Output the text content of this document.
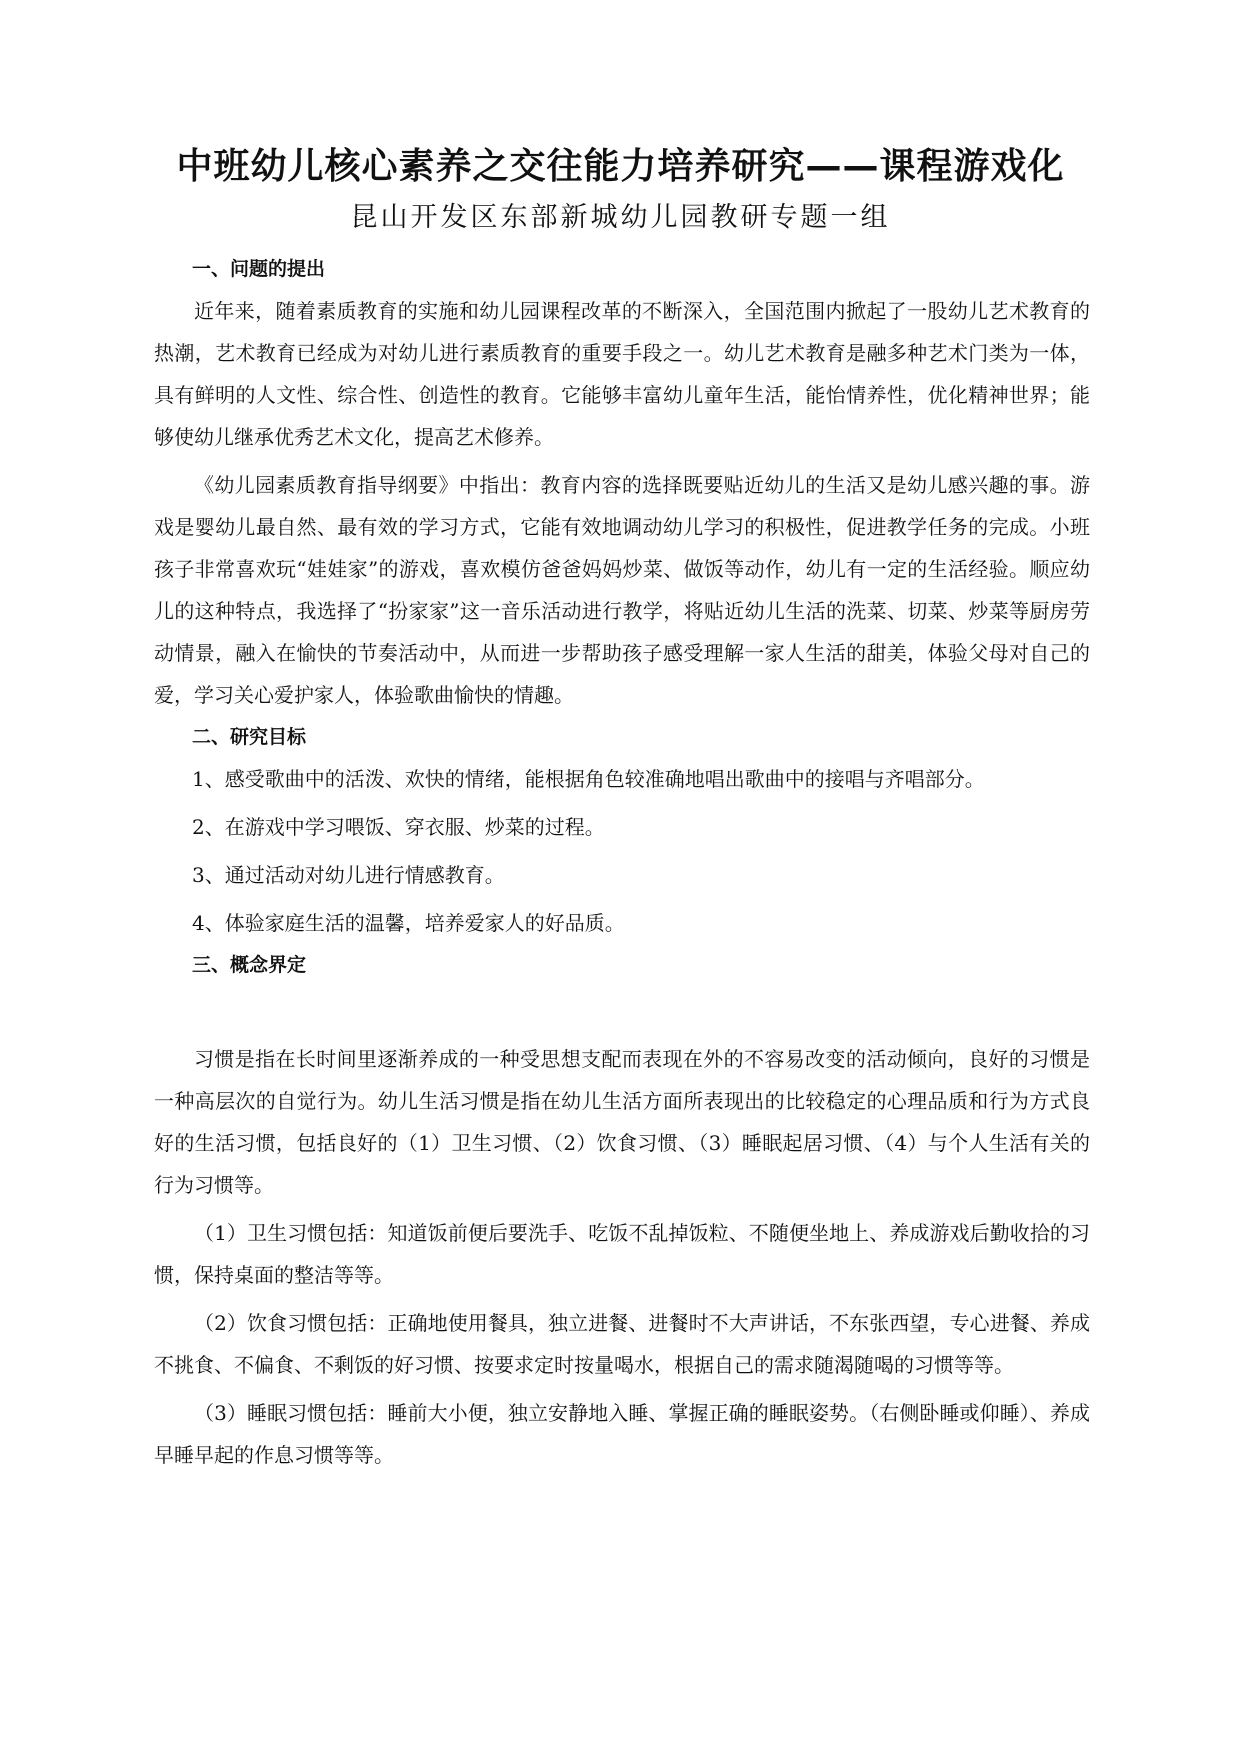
中班幼儿核心素养之交往能力培养研究——课程游戏化
昆山开发区东部新城幼儿园教研专题一组
一、问题的提出

近年来，随着素质教育的实施和幼儿园课程改革的不断深入，全国范围内掀起了一股幼儿艺术教育的热潮，艺术教育已经成为对幼儿进行素质教育的重要手段之一。幼儿艺术教育是融多种艺术门类为一体，具有鲜明的人文性、综合性、创造性的教育。它能够丰富幼儿童年生活，能怡情养性，优化精神世界；能够使幼儿继承优秀艺术文化，提高艺术修养。

《幼儿园素质教育指导纲要》中指出：教育内容的选择既要贴近幼儿的生活又是幼儿感兴趣的事。游戏是婴幼儿最自然、最有效的学习方式，它能有效地调动幼儿学习的积极性，促进教学任务的完成。小班孩子非常喜欢玩“娃娃家”的游戏，喜欢模仿爸爸妈妈炒菜、做饭等动作，幼儿有一定的生活经验。顺应幼儿的这种特点，我选择了“扮家家”这一音乐活动进行教学，将贴近幼儿生活的洗菜、切菜、炒菜等厨房劳动情景，融入在愉快的节奏活动中，从而进一步帮助孩子感受理解一家人生活的甜美，体验父母对自己的爱，学习关心爱护家人，体验歌曲愉快的情趣。

二、研究目标
1、感受歌曲中的活泼、欢快的情绪，能根据角色较准确地唱出歌曲中的接唱与齐唱部分。
2、在游戏中学习喂饭、穿衣服、炒菜的过程。
3、通过活动对幼儿进行情感教育。
4、体验家庭生活的温馨，培养爱家人的好品质。
三、概念界定

习惯是指在长时间里逐渐养成的一种受思想支配而表现在外的不容易改变的活动倾向，良好的习惯是一种高层次的自觉行为。幼儿生活习惯是指在幼儿生活方面所表现出的比较稳定的心理品质和行为方式良好的生活习惯，包括良好的（1）卫生习惯、（2）饮食习惯、（3）睡眠起居习惯、（4）与个人生活有关的行为习惯等。

（1）卫生习惯包括：知道饭前便后要洗手、吃饭不乱掉饭粒、不随便坐地上、养成游戏后勤收拾的习惯，保持桌面的整洁等等。

（2）饮食习惯包括：正确地使用餐具，独立进餐、进餐时不大声讲话，不东张西望，专心进餐、养成不挑食、不偏食、不剩饭的好习惯、按要求定时按量喝水，根据自己的需求随渴随喝的习惯等等。

（3）睡眠习惯包括：睡前大小便，独立安静地入睡、掌握正确的睡眠姿势。（右侧卧睡或仰睡）、养成早睡早起的作息习惯等等。
